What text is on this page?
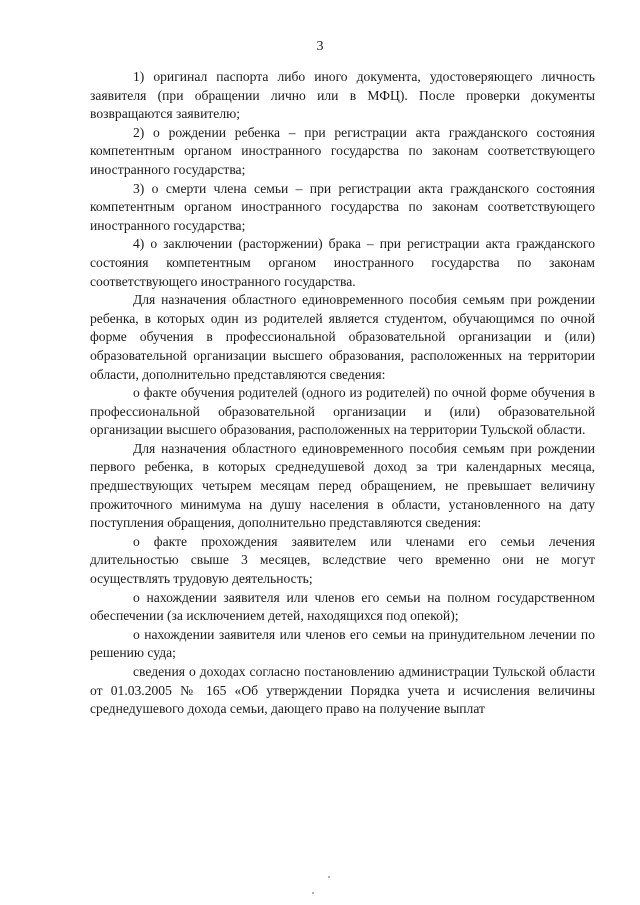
3

1) оригинал паспорта либо иного документа, удостоверяющего личность заявителя (при обращении лично или в МФЦ). После проверки документы возвращаются заявителю;

2) о рождении ребенка – при регистрации акта гражданского состояния компетентным органом иностранного государства по законам соответствующего иностранного государства;

3) о смерти члена семьи – при регистрации акта гражданского состояния компетентным органом иностранного государства по законам соответствующего иностранного государства;

4) о заключении (расторжении) брака – при регистрации акта гражданского состояния компетентным органом иностранного государства по законам соответствующего иностранного государства.

Для назначения областного единовременного пособия семьям при рождении ребенка, в которых один из родителей является студентом, обучающимся по очной форме обучения в профессиональной образовательной организации и (или) образовательной организации высшего образования, расположенных на территории области, дополнительно представляются сведения:

о факте обучения родителей (одного из родителей) по очной форме обучения в профессиональной образовательной организации и (или) образовательной организации высшего образования, расположенных на территории Тульской области.

Для назначения областного единовременного пособия семьям при рождении первого ребенка, в которых среднедушевой доход за три календарных месяца, предшествующих четырем месяцам перед обращением, не превышает величину прожиточного минимума на душу населения в области, установленного на дату поступления обращения, дополнительно представляются сведения:

о факте прохождения заявителем или членами его семьи лечения длительностью свыше 3 месяцев, вследствие чего временно они не могут осуществлять трудовую деятельность;

о нахождении заявителя или членов его семьи на полном государственном обеспечении (за исключением детей, находящихся под опекой);

о нахождении заявителя или членов его семьи на принудительном лечении по решению суда;

сведения о доходах согласно постановлению администрации Тульской области от 01.03.2005 № 165 «Об утверждении Порядка учета и исчисления величины среднедушевого дохода семьи, дающего право на получение выплат
